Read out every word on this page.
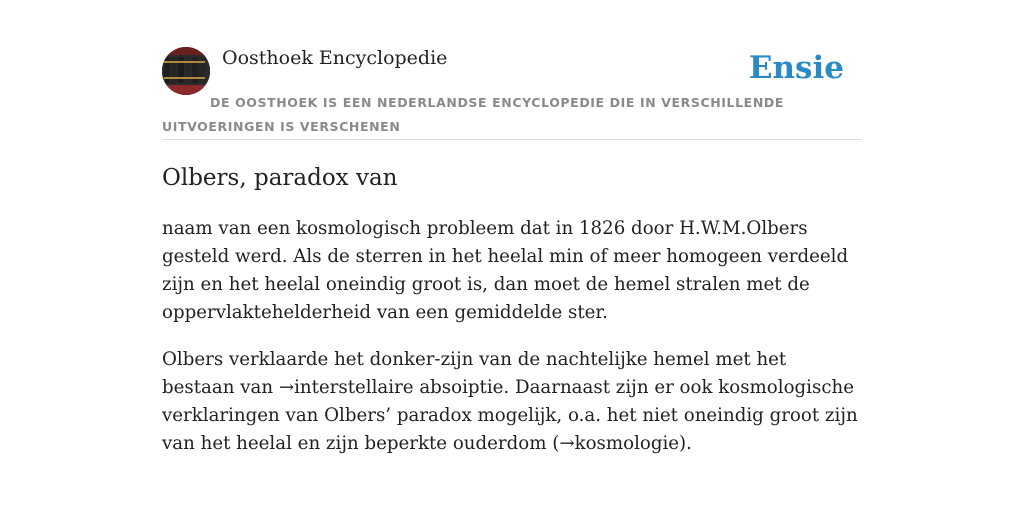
Oosthoek Encyclopedie	Ensie
DE OOSTHOEK IS EEN NEDERLANDSE ENCYCLOPEDIE DIE IN VERSCHILLENDE UITVOERINGEN IS VERSCHENEN
Olbers, paradox van

naam van een kosmologisch probleem dat in 1826 door H.W.M.Olbers gesteld werd. Als de sterren in het heelal min of meer homogeen verdeeld zijn en het heelal oneindig groot is, dan moet de hemel stralen met de oppervlaktehelderheid van een gemiddelde ster.

Olbers verklaarde het donker-zijn van de nachtelijke hemel met het bestaan van →interstellaire absoiptie. Daarnaast zijn er ook kosmologische verklaringen van Olbers’ paradox mogelijk, o.a. het niet oneindig groot zijn van het heelal en zijn beperkte ouderdom (→kosmologie).
